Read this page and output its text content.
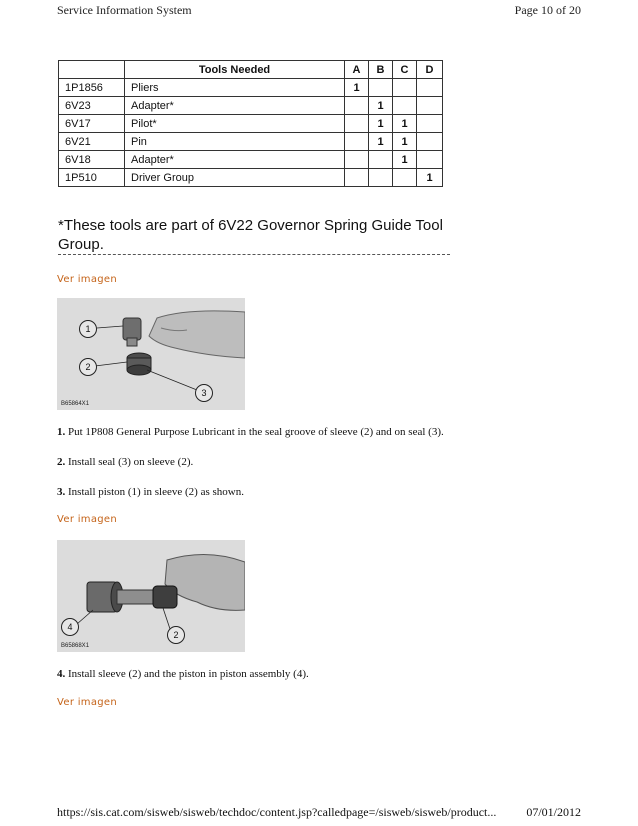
Service Information System	Page 10 of 20
	Tools Needed	A	B	C	D
1P1856	Pliers	1			
6V23	Adapter*		1		
6V17	Pilot*		1	1	
6V21	Pin		1	1	
6V18	Adapter*			1	
1P510	Driver Group				1
*These tools are part of 6V22 Governor Spring Guide Tool Group.
Ver imagen
1
2
3
B65864X1
1. Put 1P808 General Purpose Lubricant in the seal groove of sleeve (2) and on seal (3).
2. Install seal (3) on sleeve (2).
3. Install piston (1) in sleeve (2) as shown.
Ver imagen
4
2
B65868X1
4. Install sleeve (2) and the piston in piston assembly (4).
Ver imagen
https://sis.cat.com/sisweb/sisweb/techdoc/content.jsp?calledpage=/sisweb/sisweb/product... 07/01/2012
